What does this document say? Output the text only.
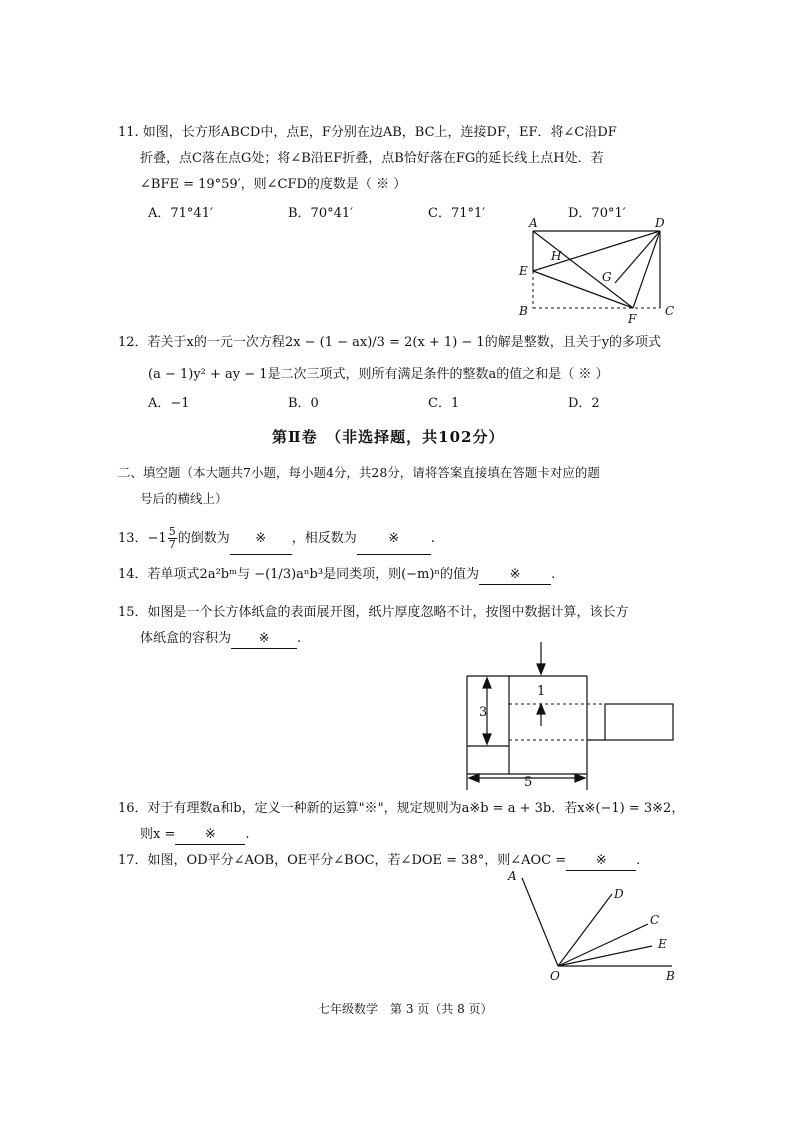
11. 如图，长方形ABCD中，点E，F分别在边AB，BC上，连接DF，EF．将∠C沿DF
折叠，点C落在点G处；将∠B沿EF折叠，点B恰好落在FG的延长线上点H处．若
∠BFE = 19°59′，则∠CFD的度数是（ ※ ）
A．71°41′	B．70°41′	C．71°1′	D．70°1′
A	D
H
G
E
B
F
C
12．若关于x的一元一次方程2x − (1 − ax)/3 = 2(x + 1) − 1的解是整数，且关于y的多项式
(a − 1)y² + ay − 1是二次三项式，则所有满足条件的整数a的值之和是（ ※ ）
A．−1	B．0	C．1	D．2
第Ⅱ卷　（非选择题，共102分）
二、填空题（本大题共7小题，每小题4分，共28分，请将答案直接填在答题卡对应的题
号后的横线上）
13．$-1 \frac{5}{7}$ 的倒数为 ※ ，相反数为 ※ .
14．若单项式2a²bᵐ与 −(1/3)aⁿb³是同类项，则(−m)ⁿ的值为 ※ .
15．如图是一个长方体纸盒的表面展开图，纸片厚度忽略不计，按图中数据计算，该长方
体纸盒的容积为 ※ .
1
3
5
16．对于有理数a和b，定义一种新的运算"※"，规定规则为a※b = a + 3b．若x※(−1) = 3※2，
则x = ※ .
17．如图，OD平分∠AOB，OE平分∠BOC，若∠DOE = 38°，则∠AOC = ※ .
A
D
C
E
O	B
七年级数学　第 3 页（共 8 页）
